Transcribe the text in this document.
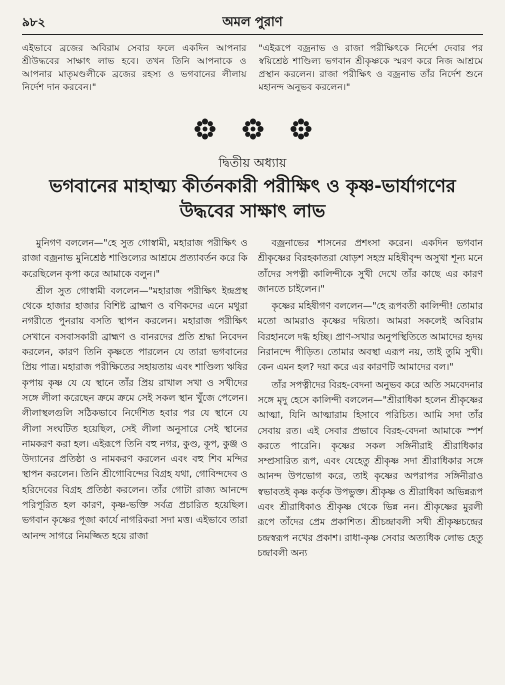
৯৮২	অমল পুরাণ
এইভাবে ব্রজের অবিরাম সেবার ফলে একদিন আপনার শ্রীউদ্ধবের সাক্ষাৎ লাভ হবে। তখন তিনি আপনাকে ও আপনার মাতৃমণ্ডলীকে ব্রজের রহস্য ও ভগবানের লীলায় নির্দেশ দান করবেন।"
"এইরূপে বজ্রনাভ ও রাজা পরীক্ষিৎকে নির্দেশ দেবার পর স্বয়িশ্রেষ্ঠ শাণ্ডিল্য ভগবান শ্রীকৃষ্ণকে স্মরণ করে নিজ আশ্রমে প্রস্থান করলেন। রাজা পরীক্ষিৎ ও বজ্রনাভ তাঁর নির্দেশ শুনে মহানন্দ অনুভব করলেন।"
দ্বিতীয় অধ্যায়
ভগবানের মাহাত্ম্য কীর্তনকারী পরীক্ষিৎ ও কৃষ্ণ-ভার্যাগণের
উদ্ধবের সাক্ষাৎ লাভ

মুনিগণ বললেন—"হে সুত গোস্বামী, মহারাজ পরীক্ষিৎ ও রাজা বজ্রনাভ মুনিশ্রেষ্ঠ শাণ্ডিল্যের আশ্রমে প্রত্যাবর্তন করে কি করেছিলেন কৃপা করে আমাকে বলুন।"

শ্রীল সুত গোস্বামী বললেন—"মহারাজ পরীক্ষিৎ ইন্দ্রপ্রস্থ থেকে হাজার হাজার বিশিষ্ট ব্রাহ্মণ ও বণিকদের এনে মথুরা নগরীতে পুনরায় বসতি স্থাপন করলেন। মহারাজ পরীক্ষিৎ সেখানে বসবাসকারী ব্রাহ্মণ ও বানরদের প্রতি শ্রদ্ধা নিবেদন করলেন, কারণ তিনি কৃষ্ণতে পারলেন যে তারা ভগবানের প্রিয় পাত্র। মহারাজ পরীক্ষিতের সহায়তায় এবং শাণ্ডিল্য ঋষির কৃপায় কৃষ্ণ যে যে স্থানে তাঁর প্রিয় রাখাল সখা ও সখীদের সঙ্গে লীলা করেছেন ক্রমে ক্রমে সেই সকল স্থান খুঁজে পেলেন। লীলাস্থলগুলি সঠিকভাবে নির্দেশিত হবার পর যে স্থানে যে লীলা সংঘটিত হয়েছিল, সেই লীলা অনুসারে সেই স্থানের নামকরণ করা হল। এইরূপে তিনি বহু নগর, কুণ্ড, কূপ, কুঞ্জ ও উদ্যানের প্রতিষ্ঠা ও নামকরণ করলেন এবং বহু শিব মন্দির স্থাপন করলেন। তিনি শ্রীগোবিন্দের বিগ্রহ যথা, গোবিন্দদেব ও হরিদেবের বিগ্রহ প্রতিষ্ঠা করলেন। তাঁর গোটা রাজ্য আনন্দে পরিপূরিত হল কারণ, কৃষ্ণ-ভক্তি সর্বত্র প্রচারিত হয়েছিল। ভগবান কৃষ্ণের পূজা কার্যে নাগরিকরা সদা মত্ত। এইভাবে তারা আনন্দ সাগরে নিমজ্জিত হয়ে রাজা

বজ্রনাভের শাসনের প্রশংসা করেন। একদিন ভগবান শ্রীকৃষ্ণের বিরহকাতরা ষোড়শ সহস্র মহিষীবৃন্দ অসুখা শূন্য মনে তাঁদের সপত্নী কালিন্দীকে সুখী দেখে তাঁর কাছে এর কারণ জানতে চাইলেন।"

কৃষ্ণের মহিষীগণ বললেন—"হে রূপবতী কালিন্দী! তোমার মতো আমরাও কৃষ্ণের দয়িতা। আমরা সকলেই অবিরাম বিরহানলে দগ্ধ হচ্ছি। প্রাণ-সখার অনুপস্থিতিতে আমাদের হৃদয় নিরানন্দে পীড়িত। তোমার অবস্থা এরূপ নয়, তাই তুমি সুখী। কেন এমন হল? দয়া করে এর কারণটি আমাদের বল।"

তাঁর সপত্নীদের বিরহ-বেদনা অনুভব করে অতি সমবেদনার সঙ্গে মৃদু হেসে কালিন্দী বললেন—"শ্রীরাধিকা হলেন শ্রীকৃষ্ণের আত্মা, যিনি আত্মারাম হিসাবে পরিচিত। আমি সদা তাঁর সেবায় রত। এই সেবার প্রভাবে বিরহ-বেদনা আমাকে স্পর্শ করতে পারেনি। কৃষ্ণের সকল সঙ্গিনীরাই শ্রীরাধিকার সম্প্রসারিত রূপ, এবং যেহেতু শ্রীকৃষ্ণ সদা শ্রীরাধিকার সঙ্গে আনন্দ উপভোগ করে, তাই কৃষ্ণের অপরাপর সঙ্গিনীরাও স্বভাবতই কৃষ্ণ কর্তৃক উপভুক্ত। শ্রীকৃষ্ণ ও শ্রীরাধিকা অভিন্নরূপ এবং শ্রীরাধিকাও শ্রীকৃষ্ণ থেকে ভিন্ন নন। শ্রীকৃষ্ণের মুরলী রূপে তাঁদের প্রেম প্রকাশিত। শ্রীচন্দ্রাবলী সখী শ্রীকৃষ্ণচন্দ্রের চন্দ্রস্বরূপ নখের প্রকাশ। রাধা-কৃষ্ণ সেবার অত্যধিক লোভ হেতু চন্দ্রাবলী অন্য
